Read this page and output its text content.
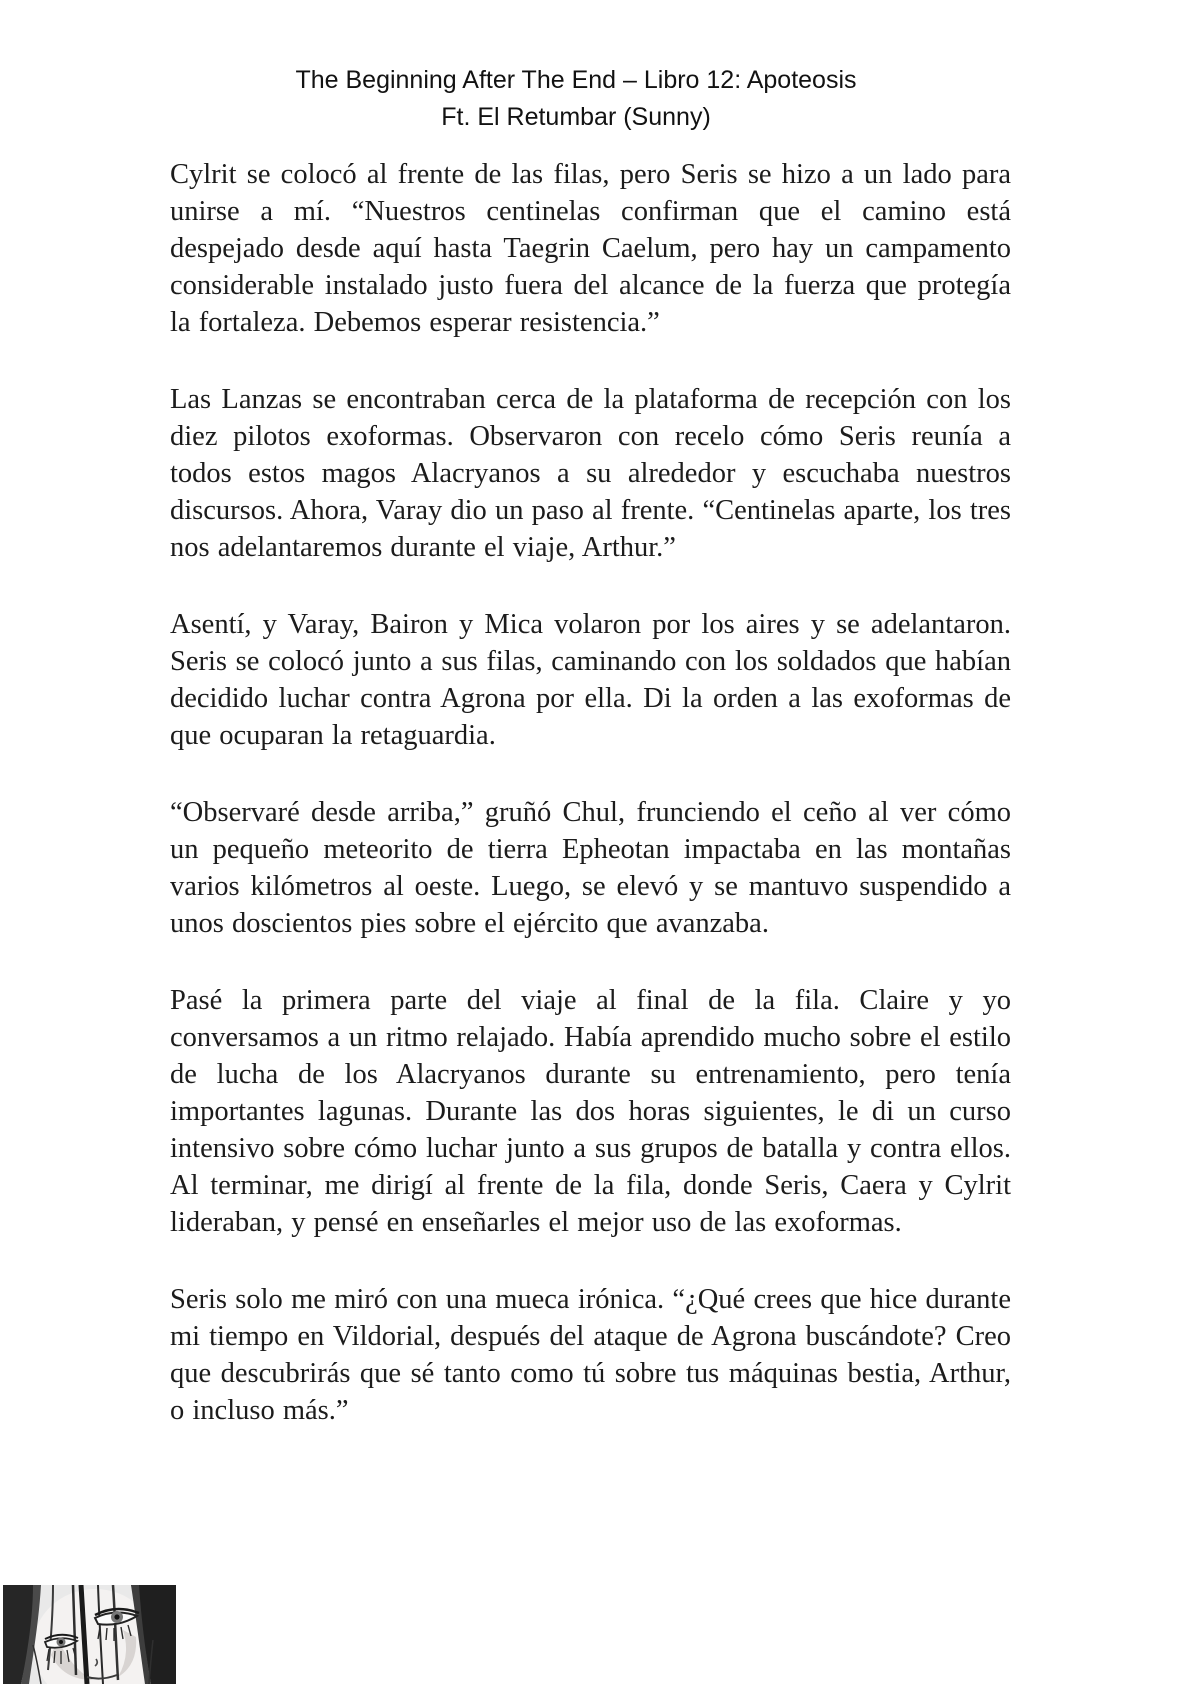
The Beginning After The End – Libro 12: Apoteosis
Ft. El Retumbar (Sunny)

Cylrit se colocó al frente de las filas, pero Seris se hizo a un lado para unirse a mí. “Nuestros centinelas confirman que el camino está despejado desde aquí hasta Taegrin Caelum, pero hay un campamento considerable instalado justo fuera del alcance de la fuerza que protegía la fortaleza. Debemos esperar resistencia.”

Las Lanzas se encontraban cerca de la plataforma de recepción con los diez pilotos exoformas. Observaron con recelo cómo Seris reunía a todos estos magos Alacryanos a su alrededor y escuchaba nuestros discursos. Ahora, Varay dio un paso al frente. “Centinelas aparte, los tres nos adelantaremos durante el viaje, Arthur.”

Asentí, y Varay, Bairon y Mica volaron por los aires y se adelantaron. Seris se colocó junto a sus filas, caminando con los soldados que habían decidido luchar contra Agrona por ella. Di la orden a las exoformas de que ocuparan la retaguardia.

“Observaré desde arriba,” gruñó Chul, frunciendo el ceño al ver cómo un pequeño meteorito de tierra Epheotan impactaba en las montañas varios kilómetros al oeste. Luego, se elevó y se mantuvo suspendido a unos doscientos pies sobre el ejército que avanzaba.

Pasé la primera parte del viaje al final de la fila. Claire y yo conversamos a un ritmo relajado. Había aprendido mucho sobre el estilo de lucha de los Alacryanos durante su entrenamiento, pero tenía importantes lagunas. Durante las dos horas siguientes, le di un curso intensivo sobre cómo luchar junto a sus grupos de batalla y contra ellos. Al terminar, me dirigí al frente de la fila, donde Seris, Caera y Cylrit lideraban, y pensé en enseñarles el mejor uso de las exoformas.

Seris solo me miró con una mueca irónica. “¿Qué crees que hice durante mi tiempo en Vildorial, después del ataque de Agrona buscándote? Creo que descubrirás que sé tanto como tú sobre tus máquinas bestia, Arthur, o incluso más.”
